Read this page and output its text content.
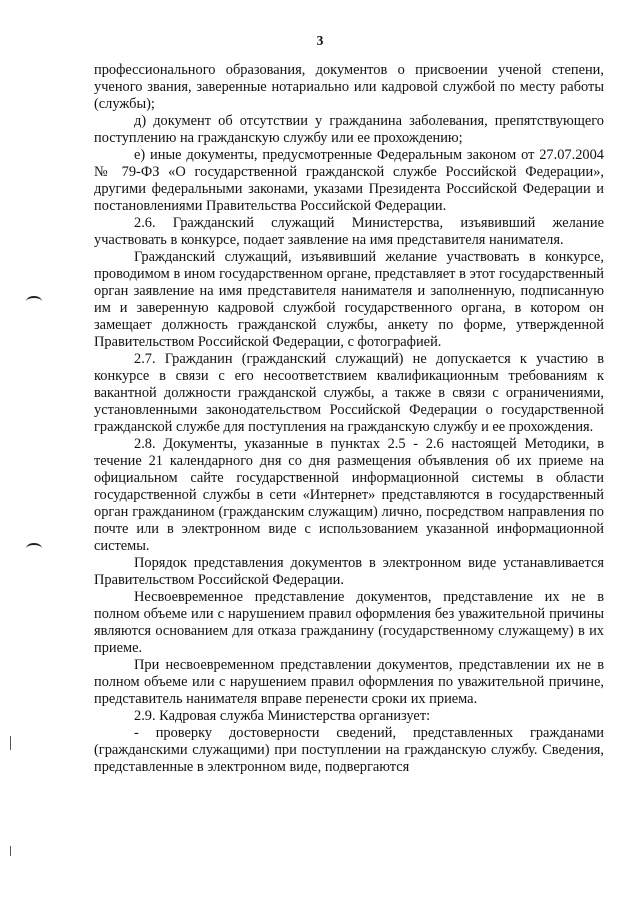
3

профессионального образования, документов о присвоении ученой степени, ученого звания, заверенные нотариально или кадровой службой по месту работы (службы);

д) документ об отсутствии у гражданина заболевания, препятствующего поступлению на гражданскую службу или ее прохождению;

е) иные документы, предусмотренные Федеральным законом от 27.07.2004 № 79-ФЗ «О государственной гражданской службе Российской Федерации», другими федеральными законами, указами Президента Российской Федерации и постановлениями Правительства Российской Федерации.

2.6. Гражданский служащий Министерства, изъявивший желание участвовать в конкурсе, подает заявление на имя представителя нанимателя.

Гражданский служащий, изъявивший желание участвовать в конкурсе, проводимом в ином государственном органе, представляет в этот государственный орган заявление на имя представителя нанимателя и заполненную, подписанную им и заверенную кадровой службой государственного органа, в котором он замещает должность гражданской службы, анкету по форме, утвержденной Правительством Российской Федерации, с фотографией.

2.7. Гражданин (гражданский служащий) не допускается к участию в конкурсе в связи с его несоответствием квалификационным требованиям к вакантной должности гражданской службы, а также в связи с ограничениями, установленными законодательством Российской Федерации о государственной гражданской службе для поступления на гражданскую службу и ее прохождения.

2.8. Документы, указанные в пунктах 2.5 - 2.6 настоящей Методики, в течение 21 календарного дня со дня размещения объявления об их приеме на официальном сайте государственной информационной системы в области государственной службы в сети «Интернет» представляются в государственный орган гражданином (гражданским служащим) лично, посредством направления по почте или в электронном виде с использованием указанной информационной системы.

Порядок представления документов в электронном виде устанавливается Правительством Российской Федерации.

Несвоевременное представление документов, представление их не в полном объеме или с нарушением правил оформления без уважительной причины являются основанием для отказа гражданину (государственному служащему) в их приеме.

При несвоевременном представлении документов, представлении их не в полном объеме или с нарушением правил оформления по уважительной причине, представитель нанимателя вправе перенести сроки их приема.

2.9. Кадровая служба Министерства организует:

- проверку достоверности сведений, представленных гражданами (гражданскими служащими) при поступлении на гражданскую службу. Сведения, представленные в электронном виде, подвергаются
